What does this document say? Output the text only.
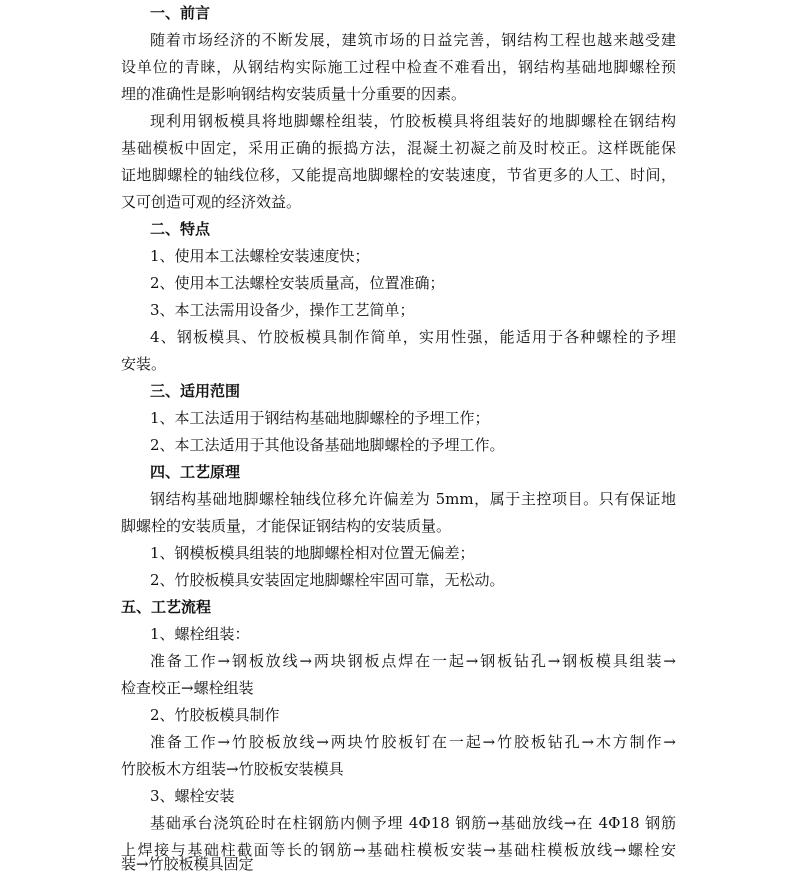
一、前言
随着市场经济的不断发展，建筑市场的日益完善，钢结构工程也越来越受建
设单位的青睐，从钢结构实际施工过程中检查不难看出，钢结构基础地脚螺栓预
埋的准确性是影响钢结构安装质量十分重要的因素。
现利用钢板模具将地脚螺栓组装，竹胶板模具将组装好的地脚螺栓在钢结构
基础模板中固定，采用正确的振捣方法，混凝土初凝之前及时校正。这样既能保
证地脚螺栓的轴线位移，又能提高地脚螺栓的安装速度，节省更多的人工、时间，
又可创造可观的经济效益。
二、特点
1、使用本工法螺栓安装速度快；
2、使用本工法螺栓安装质量高，位置准确；
3、本工法需用设备少，操作工艺简单；
4、钢板模具、竹胶板模具制作简单，实用性强，能适用于各种螺栓的予埋
安装。
三、适用范围
1、本工法适用于钢结构基础地脚螺栓的予埋工作；
2、本工法适用于其他设备基础地脚螺栓的予埋工作。
四、工艺原理
钢结构基础地脚螺栓轴线位移允许偏差为 5mm，属于主控项目。只有保证地
脚螺栓的安装质量，才能保证钢结构的安装质量。
1、钢模板模具组装的地脚螺栓相对位置无偏差；
2、竹胶板模具安装固定地脚螺栓牢固可靠，无松动。
五、工艺流程
1、螺栓组装：
准备工作→钢板放线→两块钢板点焊在一起→钢板钻孔→钢板模具组装→
检查校正→螺栓组装
2、竹胶板模具制作
准备工作→竹胶板放线→两块竹胶板钉在一起→竹胶板钻孔→木方制作→
竹胶板木方组装→竹胶板安装模具
3、螺栓安装
基础承台浇筑砼时在柱钢筋内侧予埋 4Φ18 钢筋→基础放线→在 4Φ18 钢筋
上焊接与基础柱截面等长的钢筋→基础柱模板安装→基础柱模板放线→螺栓安
装→竹胶板模具固定
